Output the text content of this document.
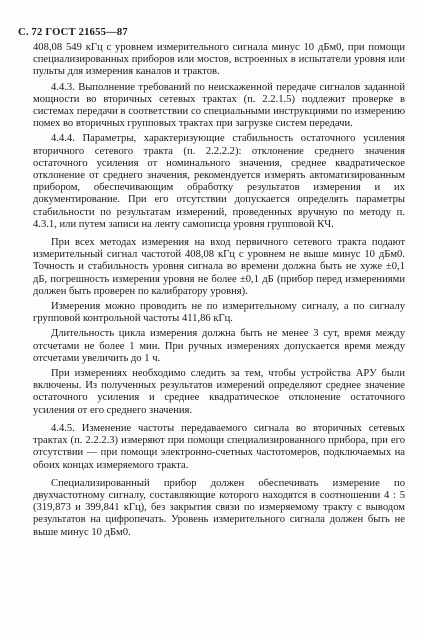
С. 72 ГОСТ 21655—87

408,08 549 кГц с уровнем измерительного сигнала минус 10 дБм0, при помощи специализированных приборов или мостов, встроенных в испытатели уровня или пульты для измерения каналов и трактов.

4.4.3. Выполнение требований по неискаженной передаче сигналов заданной мощности во вторичных сетевых трактах (п. 2.2.1.5) подлежит проверке в системах передачи в соответствии со специальными инструкциями по измерению помех во вторичных групповых трактах при загрузке систем передачи.

4.4.4. Параметры, характеризующие стабильность остаточного усиления вторичного сетевого тракта (п. 2.2.2.2): отклонение среднего значения остаточного усиления от номинального значения, среднее квадратическое отклонение от среднего значения, рекомендуется измерять автоматизированным прибором, обеспечивающим обработку результатов измерения и их документирование. При его отсутствии допускается определять параметры стабильности по результатам измерений, проведенных вручную по методу п. 4.3.1, или путем записи на ленту самописца уровня групповой КЧ.

При всех методах измерения на вход первичного сетевого тракта подают измерительный сигнал частотой 408,08 кГц с уровнем не выше минус 10 дБм0. Точность и стабильность уровня сигнала во времени должна быть не хуже ±0,1 дБ, погрешность измерения уровня не более ±0,1 дБ (прибор перед измерениями должен быть проверен по калибратору уровня).

Измерения можно проводить не по измерительному сигналу, а по сигналу групповой контрольной частоты 411,86 кГц.

Длительность цикла измерения должна быть не менее 3 сут, время между отсчетами не более 1 мин. При ручных измерениях допускается время между отсчетами увеличить до 1 ч.

При измерениях необходимо следить за тем, чтобы устройства АРУ были включены. Из полученных результатов измерений определяют среднее значение остаточного усиления и среднее квадратическое отклонение остаточного усиления от его среднего значения.

4.4.5. Изменение частоты передаваемого сигнала во вторичных сетевых трактах (п. 2.2.2.3) измеряют при помощи специализированного прибора, при его отсутствии — при помощи электронно-счетных частотомеров, подключаемых на обоих концах измеряемого тракта.

Специализированный прибор должен обеспечивать измерение по двухчастотному сигналу, составляющие которого находятся в соотношении 4 : 5 (319,873 и 399,841 кГц), без закрытия связи по измеряемому тракту с выводом результатов на цифропечать. Уровень измерительного сигнала должен быть не выше минус 10 дБм0.
